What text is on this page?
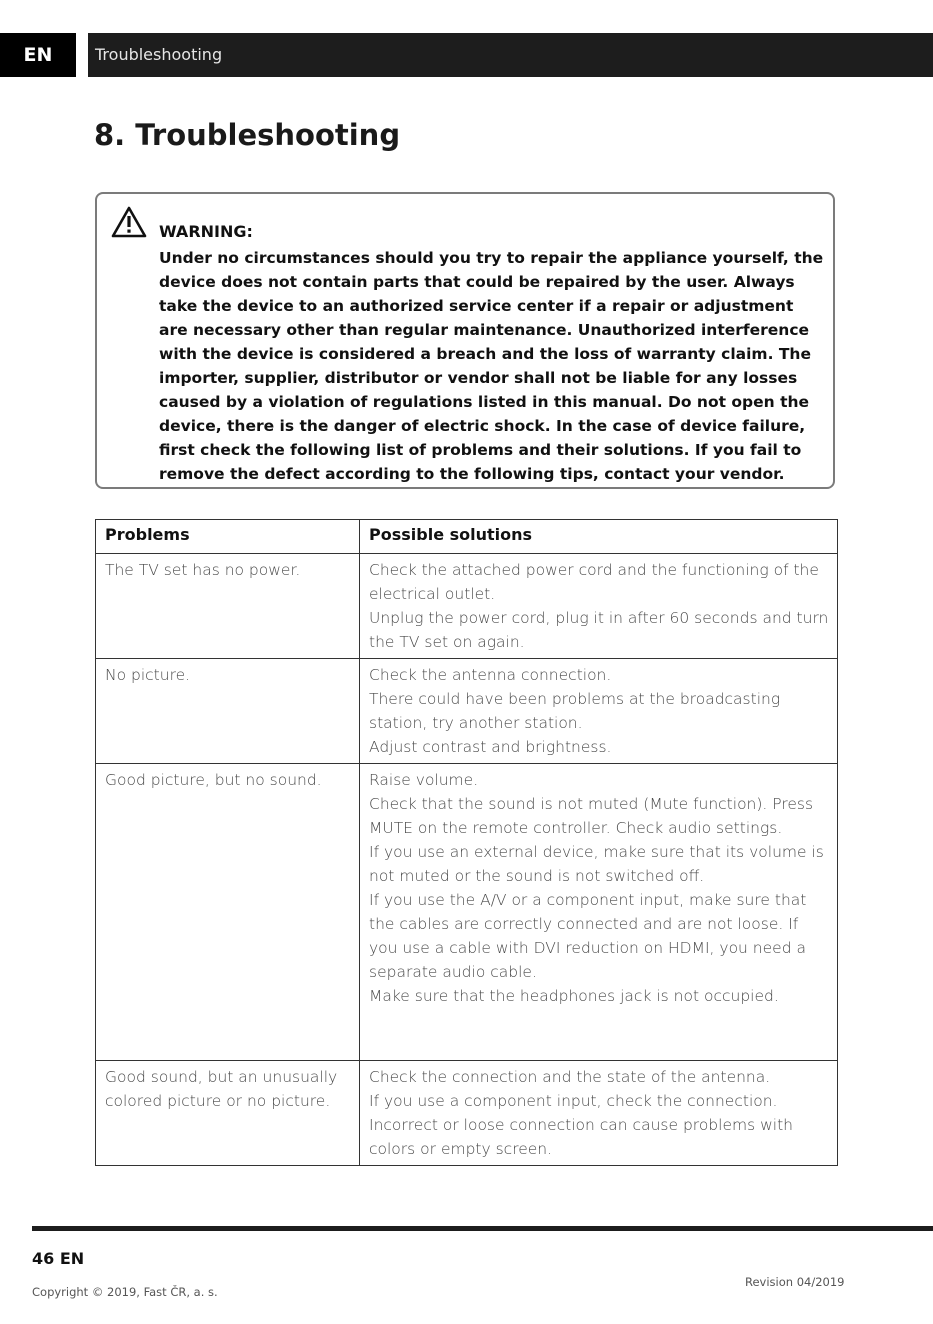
EN	Troubleshooting
8. Troubleshooting
WARNING:

Under no circumstances should you try to repair the appliance yourself, the device does not contain parts that could be repaired by the user. Always take the device to an authorized service center if a repair or adjustment are necessary other than regular maintenance. Unauthorized interference with the device is considered a breach and the loss of warranty claim. The importer, supplier, distributor or vendor shall not be liable for any losses caused by a violation of regulations listed in this manual. Do not open the device, there is the danger of electric shock. In the case of device failure, first check the following list of problems and their solutions. If you fail to remove the defect according to the following tips, contact your vendor.

Problems	Possible solutions
The TV set has no power.	Check the attached power cord and the functioning of the electrical outlet.
Unplug the power cord, plug it in after 60 seconds and turn the TV set on again.

No picture.	Check the antenna connection.
There could have been problems at the broadcasting station, try another station.
Adjust contrast and brightness.

Good picture, but no sound.	Raise volume.
Check that the sound is not muted (Mute function). Press MUTE on the remote controller. Check audio settings.
If you use an external device, make sure that its volume is not muted or the sound is not switched off.
If you use the A/V or a component input, make sure that the cables are correctly connected and are not loose. If you use a cable with DVI reduction on HDMI, you need a separate audio cable.
Make sure that the headphones jack is not occupied.

Good sound, but an unusually colored picture or no picture.	Check the connection and the state of the antenna.
If you use a component input, check the connection. Incorrect or loose connection can cause problems with colors or empty screen.
46 EN
Copyright © 2019, Fast ČR, a. s.
Revision 04/2019
